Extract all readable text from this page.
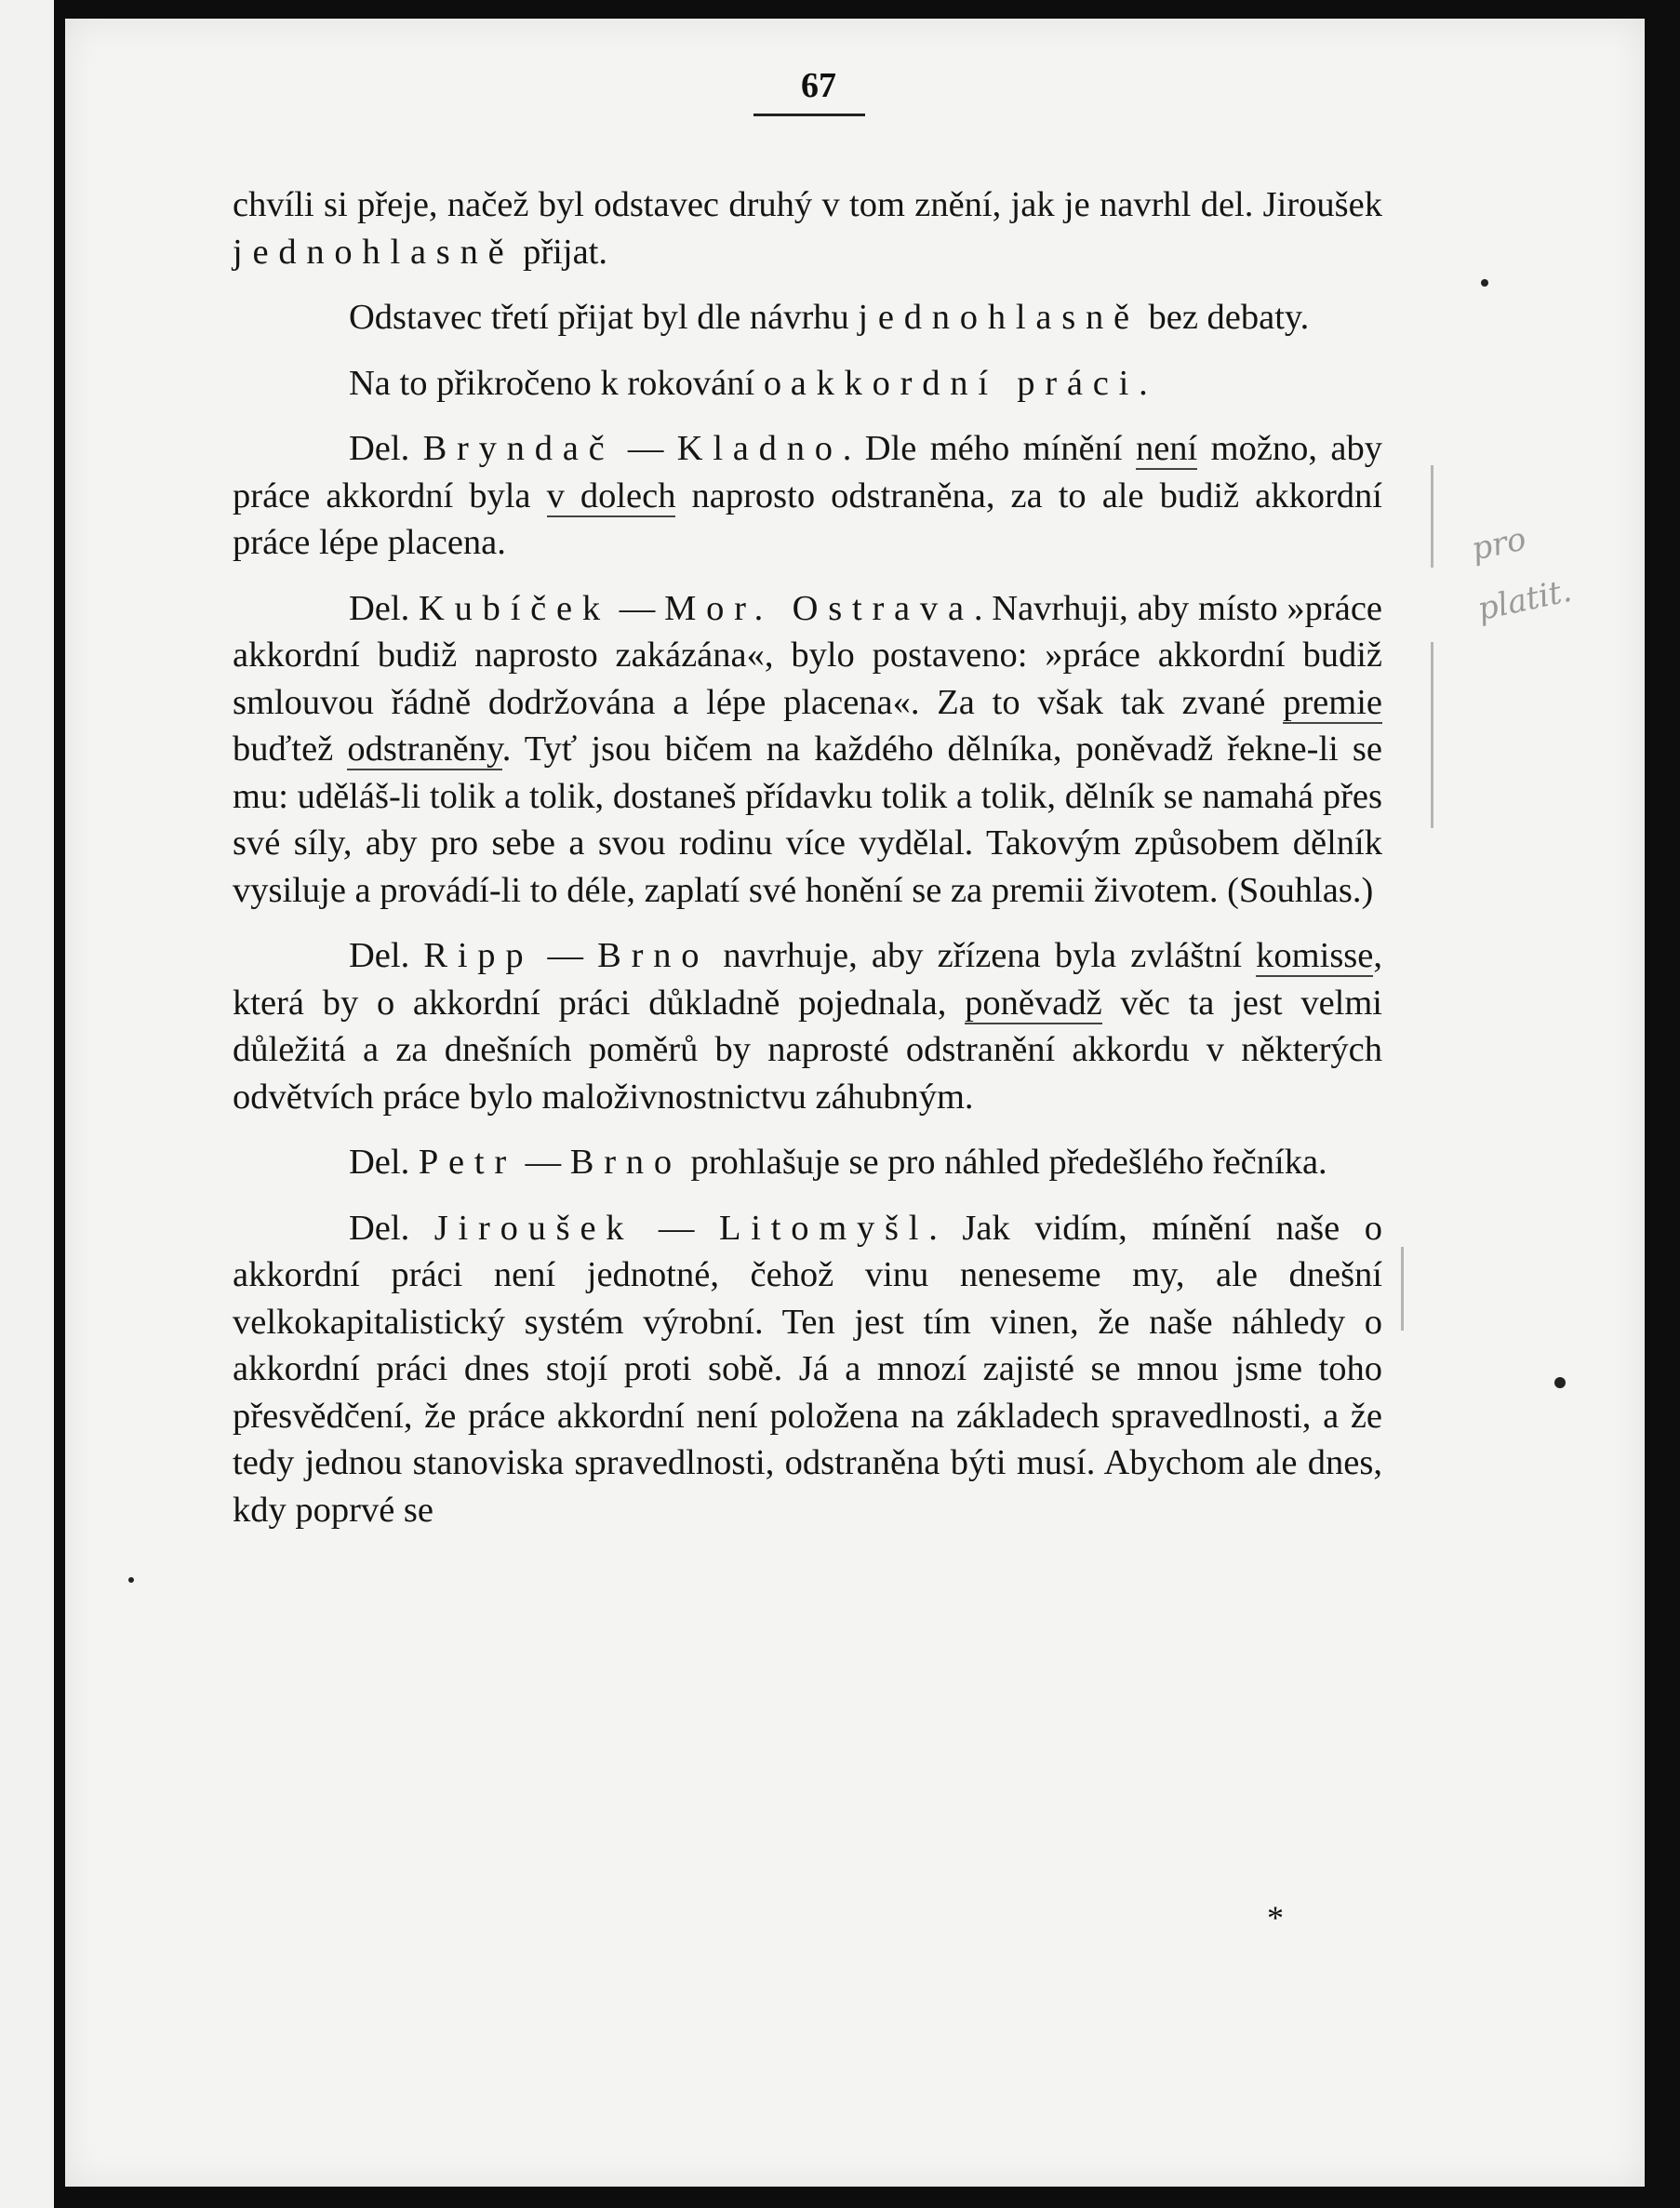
67

chvíli si přeje, načež byl odstavec druhý v tom znění, jak je navrhl del. Jiroušek jednohlasně přijat.

Odstavec třetí přijat byl dle návrhu jednohlasně bez debaty.

Na to přikročeno k rokování o akkordní práci.

Del. Bryndač — Kladno. Dle mého mínění není možno, aby práce akkordní byla v dolech naprosto odstraněna, za to ale budiž akkordní práce lépe placena.

Del. Kubíček — Mor. Ostrava. Navrhuji, aby místo »práce akkordní budiž naprosto zakázána«, bylo postaveno: »práce akkordní budiž smlouvou řádně dodržována a lépe placena«. Za to však tak zvané premie buďtež odstraněny. Tyť jsou bičem na každého dělníka, poněvadž řekne-li se mu: uděláš-li tolik a tolik, dostaneš přídavku tolik a tolik, dělník se namahá přes své síly, aby pro sebe a svou rodinu více vydělal. Takovým způsobem dělník vysiluje a provádí-li to déle, zaplatí své honění se za premii životem. (Souhlas.)

Del. Ripp — Brno navrhuje, aby zřízena byla zvláštní komisse, která by o akkordní práci důkladně pojednala, poněvadž věc ta jest velmi důležitá a za dnešních poměrů by naprosté odstranění akkordu v některých odvětvích práce bylo maloživnostnictvu záhubným.

Del. Petr — Brno prohlašuje se pro náhled předešlého řečníka.

Del. Jiroušek — Litomyšl. Jak vidím, mínění naše o akkordní práci není jednotné, čehož vinu neneseme my, ale dnešní velkokapitalistický systém výrobní. Ten jest tím vinen, že naše náhledy o akkordní práci dnes stojí proti sobě. Já a mnozí zajisté se mnou jsme toho přesvědčení, že práce akkordní není položena na základech spravedlnosti, a že tedy jednou stanoviska spravedlnosti, odstraněna býti musí. Abychom ale dnes, kdy poprvé se

*
pro
platit.
